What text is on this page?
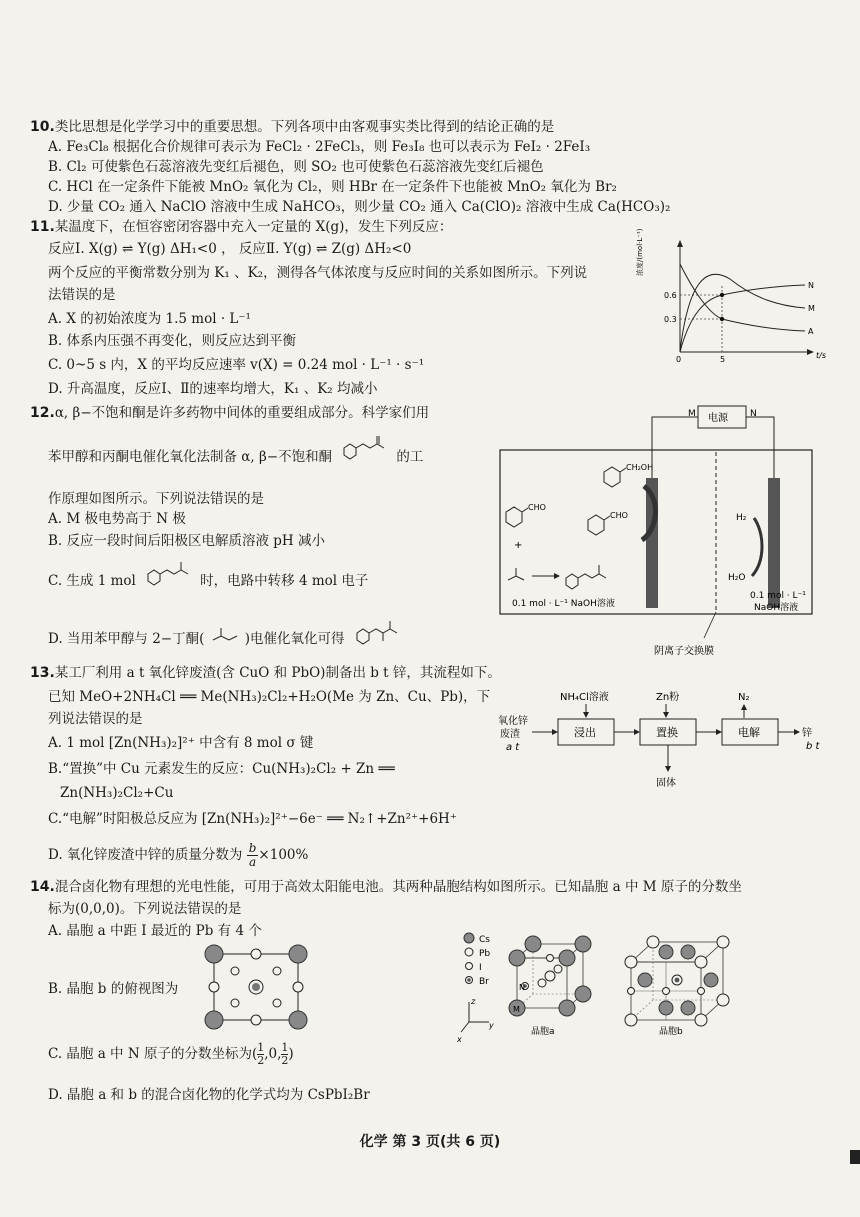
10.类比思想是化学学习中的重要思想。下列各项中由客观事实类比得到的结论正确的是
A. Fe₃Cl₈ 根据化合价规律可表示为 FeCl₂ · 2FeCl₃，则 Fe₃I₈ 也可以表示为 FeI₂ · 2FeI₃
B. Cl₂ 可使紫色石蕊溶液先变红后褪色，则 SO₂ 也可使紫色石蕊溶液先变红后褪色
C. HCl 在一定条件下能被 MnO₂ 氧化为 Cl₂，则 HBr 在一定条件下也能被 MnO₂ 氧化为 Br₂
D. 少量 CO₂ 通入 NaClO 溶液中生成 NaHCO₃，则少量 CO₂ 通入 Ca(ClO)₂ 溶液中生成 Ca(HCO₃)₂
11.某温度下，在恒容密闭容器中充入一定量的 X(g)，发生下列反应：
反应Ⅰ. X(g) ⇌ Y(g) ΔH₁<0 ， 反应Ⅱ. Y(g) ⇌ Z(g) ΔH₂<0
两个反应的平衡常数分别为 K₁ 、K₂，测得各气体浓度与反应时间的关系如图所示。下列说
法错误的是
A. X 的初始浓度为 1.5 mol · L⁻¹
B. 体系内压强不再变化，则反应达到平衡
C. 0~5 s 内，X 的平均反应速率 v(X) = 0.24 mol · L⁻¹ · s⁻¹
D. 升高温度，反应Ⅰ、Ⅱ的速率均增大，K₁ 、K₂ 均减小
浓度/(mol·L⁻¹)
t/s
0	5
0.6
0.3
N
M
A
12.α, β−不饱和酮是许多药物中间体的重要组成部分。科学家们用
苯甲醇和丙酮电催化氧化法制备 α, β−不饱和酮	的工
作原理如图所示。下列说法错误的是
A. M 极电势高于 N 极
B. 反应一段时间后阳极区电解质溶液 pH 减小
C. 生成 1 mol	时，电路中转移 4 mol 电子
D. 当用苯甲醇与 2−丁酮(	)电催化氧化可得
电源
M	N
阴离子交换膜
CH₂OH
CHO
+
CHO
0.1 mol · L⁻¹ NaOH溶液
H₂
H₂O
0.1 mol · L⁻¹
NaOH溶液
13.某工厂利用 a t 氧化锌废渣(含 CuO 和 PbO)制备出 b t 锌，其流程如下。
已知 MeO+2NH₄Cl ══ Me(NH₃)₂Cl₂+H₂O(Me 为 Zn、Cu、Pb)，下
列说法错误的是
A. 1 mol [Zn(NH₃)₂]²⁺ 中含有 8 mol σ 键
B.“置换”中 Cu 元素发生的反应：Cu(NH₃)₂Cl₂ + Zn ══
Zn(NH₃)₂Cl₂+Cu
C.“电解”时阳极总反应为 [Zn(NH₃)₂]²⁺−6e⁻ ══ N₂↑+Zn²⁺+6H⁺
D. 氧化锌废渣中锌的质量分数为 $\frac{b}{a} \times 100\%$
NH₄Cl溶液	Zn粉	N₂
氧化锌
废渣
a t
浸出	置换	电解	锌
b t
固体
14.混合卤化物有理想的光电性能，可用于高效太阳能电池。其两种晶胞结构如图所示。已知晶胞 a 中 M 原子的分数坐
标为(0,0,0)。下列说法错误的是
A. 晶胞 a 中距 I 最近的 Pb 有 4 个
B. 晶胞 b 的俯视图为
C. 晶胞 a 中 N 原子的分数坐标为( $\frac{1}{2} ,0$, $\frac{1}{2}$ )
D. 晶胞 a 和 b 的混合卤化物的化学式均为 CsPbI₂Br
Cs
Pb
I
Br
z
y
x
N
M
晶胞a	晶胞b
化学 第 3 页(共 6 页)
